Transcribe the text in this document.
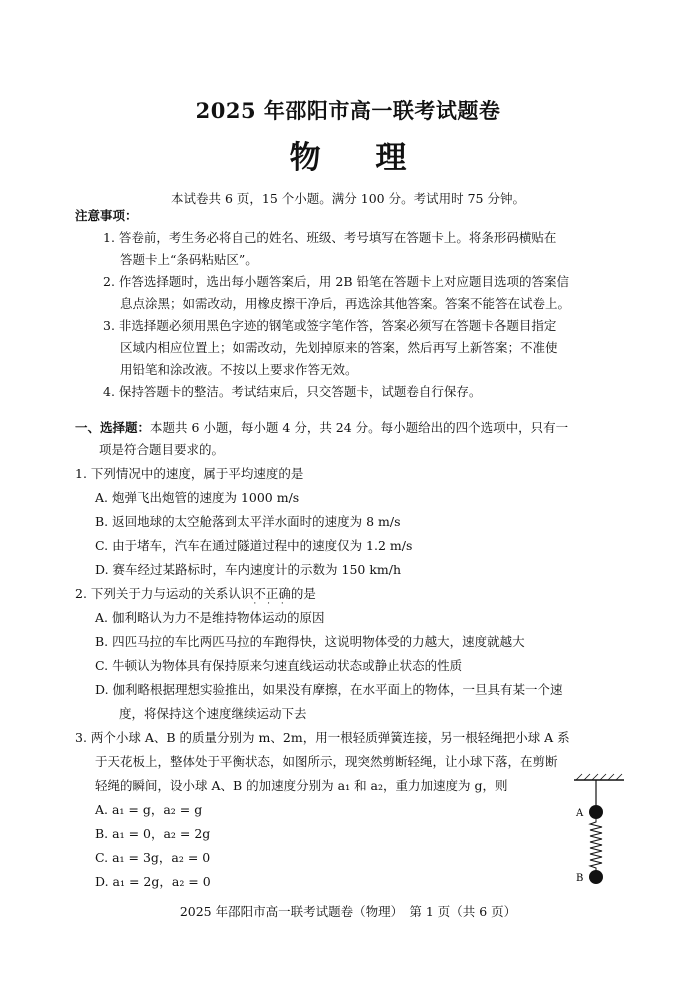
2025 年邵阳市高一联考试题卷
物 理
本试卷共 6 页，15 个小题。满分 100 分。考试用时 75 分钟。
注意事项：
1. 答卷前，考生务必将自己的姓名、班级、考号填写在答题卡上。将条形码横贴在
答题卡上“条码粘贴区”。
2. 作答选择题时，选出每小题答案后，用 2B 铅笔在答题卡上对应题目选项的答案信
息点涂黑；如需改动，用橡皮擦干净后，再选涂其他答案。答案不能答在试卷上。
3. 非选择题必须用黑色字迹的钢笔或签字笔作答，答案必须写在答题卡各题目指定
区域内相应位置上；如需改动，先划掉原来的答案，然后再写上新答案；不准使
用铅笔和涂改液。不按以上要求作答无效。
4. 保持答题卡的整洁。考试结束后，只交答题卡，试题卷自行保存。
一、选择题：本题共 6 小题，每小题 4 分，共 24 分。每小题给出的四个选项中，只有一
项是符合题目要求的。
1. 下列情况中的速度，属于平均速度的是
A. 炮弹飞出炮管的速度为 1000 m/s
B. 返回地球的太空舱落到太平洋水面时的速度为 8 m/s
C. 由于堵车，汽车在通过隧道过程中的速度仅为 1.2 m/s
D. 赛车经过某路标时，车内速度计的示数为 150 km/h
2. 下列关于力与运动的关系认识不正确
· · ·
的是
A. 伽利略认为力不是维持物体运动的原因
B. 四匹马拉的车比两匹马拉的车跑得快，这说明物体受的力越大，速度就越大
C. 牛顿认为物体具有保持原来匀速直线运动状态或静止状态的性质
D. 伽利略根据理想实验推出，如果没有摩擦，在水平面上的物体，一旦具有某一个速
度，将保持这个速度继续运动下去
3. 两个小球 A、B 的质量分别为 m、2m，用一根轻质弹簧连接，另一根轻绳把小球 A 系
于天花板上，整体处于平衡状态，如图所示，现突然剪断轻绳，让小球下落，在剪断
轻绳的瞬间，设小球 A、B 的加速度分别为 a₁ 和 a₂，重力加速度为 g，则
A. a₁ = g，a₂ = g
B. a₁ = 0，a₂ = 2g
C. a₁ = 3g，a₂ = 0
D. a₁ = 2g，a₂ = 0
A
B
2025 年邵阳市高一联考试题卷（物理）　第 1 页（共 6 页）
